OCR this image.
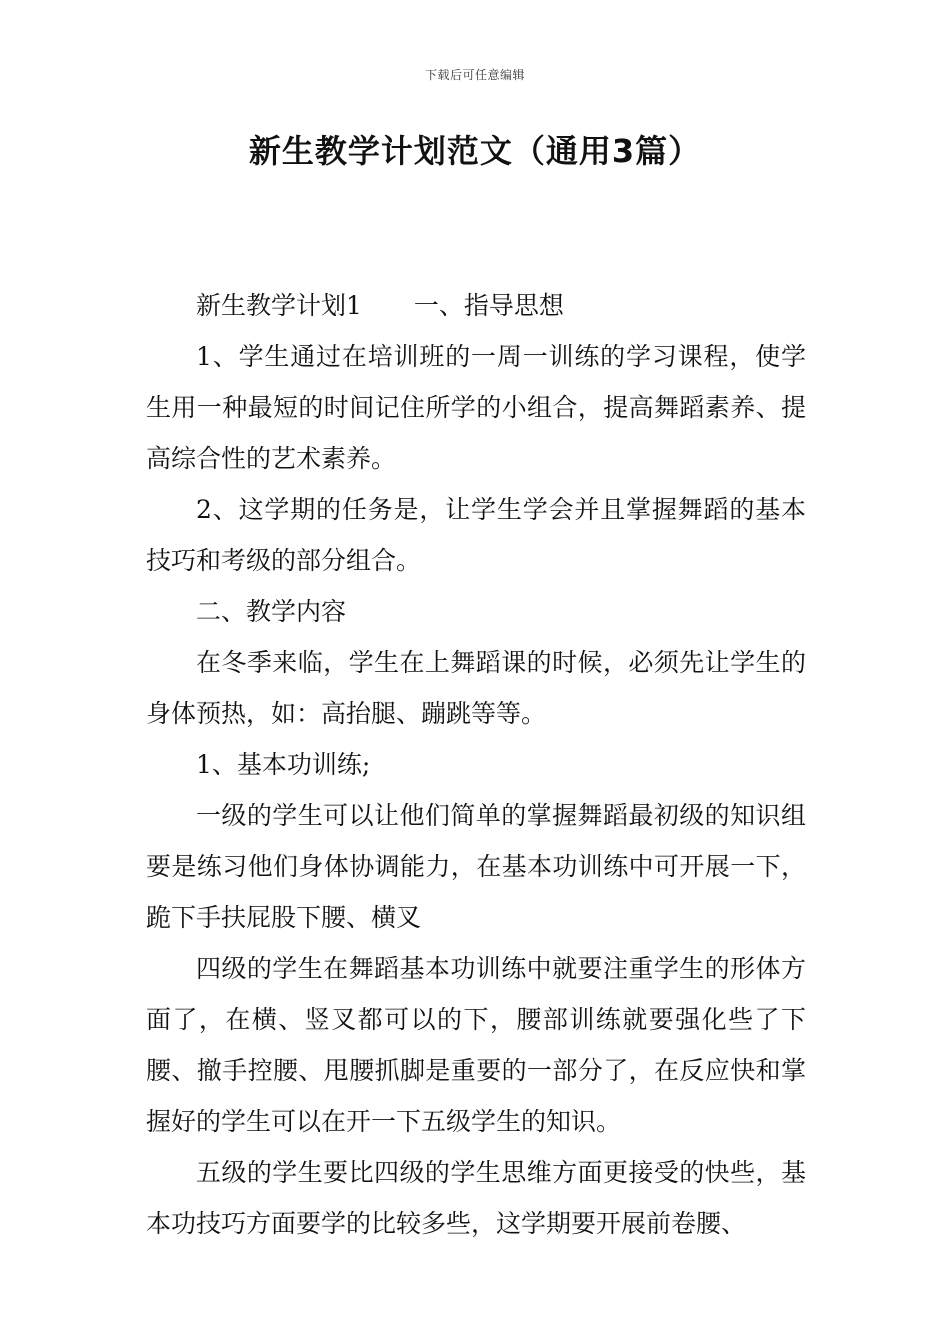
下载后可任意编辑
新生教学计划范文（通用3篇）

新生教学计划1 一、指导思想

1、学生通过在培训班的一周一训练的学习课程，使学生用一种最短的时间记住所学的小组合，提高舞蹈素养、提高综合性的艺术素养。

2、这学期的任务是，让学生学会并且掌握舞蹈的基本技巧和考级的部分组合。

二、教学内容

在冬季来临，学生在上舞蹈课的时候，必须先让学生的身体预热，如：高抬腿、蹦跳等等。

1、基本功训练;

一级的学生可以让他们简单的掌握舞蹈最初级的知识组要是练习他们身体协调能力，在基本功训练中可开展一下，跪下手扶屁股下腰、横叉

四级的学生在舞蹈基本功训练中就要注重学生的形体方面了，在横、竖叉都可以的下，腰部训练就要强化些了下腰、撤手控腰、甩腰抓脚是重要的一部分了，在反应快和掌握好的学生可以在开一下五级学生的知识。

五级的学生要比四级的学生思维方面更接受的快些，基本功技巧方面要学的比较多些，这学期要开展前卷腰、
